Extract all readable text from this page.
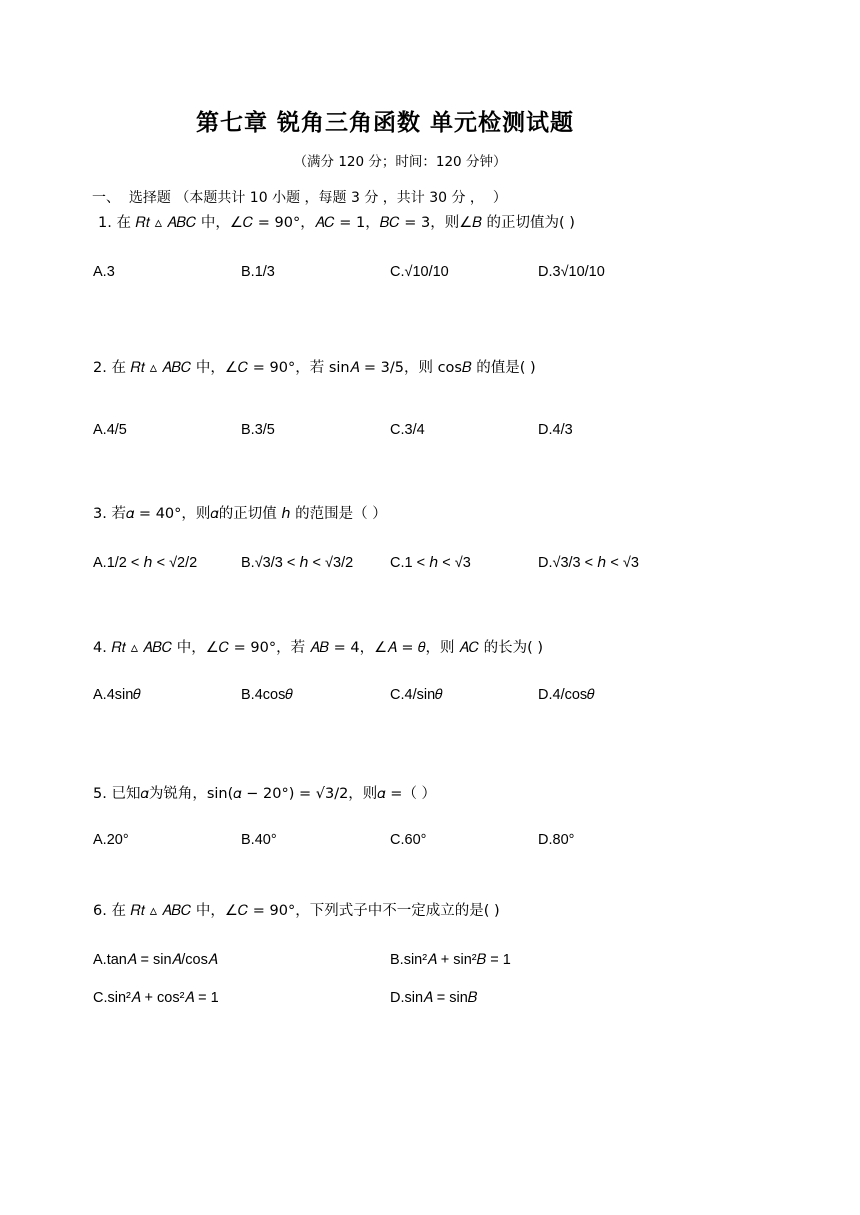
第七章 锐角三角函数 单元检测试题
（满分 120 分；时间：120 分钟）
一、  选择题 （本题共计 10 小题 ，每题 3 分 ，共计 30 分 ，  ）
1. 在 𝑅𝑡 ▵ 𝐴𝐵𝐶 中，∠𝐶 = 90°，𝐴𝐶 = 1，𝐵𝐶 = 3，则∠𝐵 的正切值为( )
A.3	B.1/3	C.√10/10	D.3√10/10
2. 在 𝑅𝑡 ▵ 𝐴𝐵𝐶 中，∠𝐶 = 90°，若 sin𝐴 = 3/5，则 cos𝐵 的值是( )
A.4/5	B.3/5	C.3/4	D.4/3
3. 若𝛼 = 40°，则𝛼的正切值 ℎ 的范围是（ ）
A.1/2 < ℎ < √2/2	B.√3/3 < ℎ < √3/2	C.1 < ℎ < √3	D.√3/3 < ℎ < √3
4. 𝑅𝑡 ▵ 𝐴𝐵𝐶 中，∠𝐶 = 90°，若 𝐴𝐵 = 4，∠𝐴 = 𝜃，则 𝐴𝐶 的长为( )
A.4sin𝜃	B.4cos𝜃	C.4/sin𝜃	D.4/cos𝜃
5. 已知𝛼为锐角，sin(𝛼 − 20°) = √3/2，则𝛼 =（ ）
A.20°	B.40°	C.60°	D.80°
6. 在 𝑅𝑡 ▵ 𝐴𝐵𝐶 中，∠𝐶 = 90°，下列式子中不一定成立的是( )
A.tan𝐴 = sin𝐴/cos𝐴	B.sin²𝐴 + sin²𝐵 = 1
C.sin²𝐴 + cos²𝐴 = 1	D.sin𝐴 = sin𝐵
